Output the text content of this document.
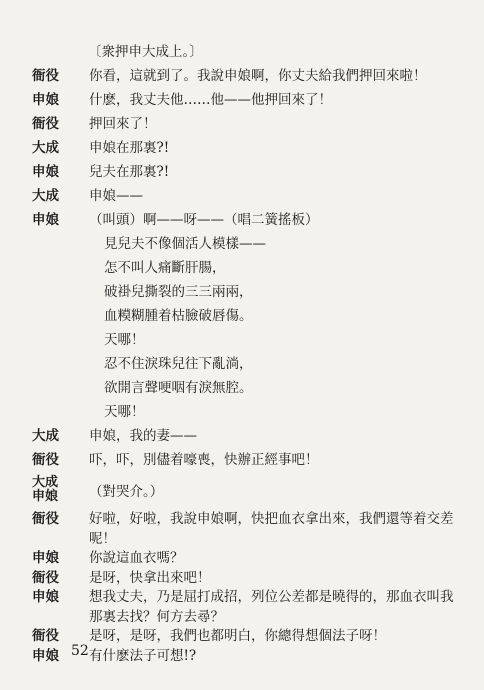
〔衆押申大成上。〕
衙役	你看，這就到了。我說申娘啊，你丈夫給我們押回來啦！
申娘	什麽，我丈夫他……他——他押回來了！
衙役	押回來了！
大成	申娘在那裏?!
申娘	兒夫在那裏?!
大成	申娘——
申娘	（叫頭）啊——呀——（唱二簧搖板）
見兒夫不像個活人模樣——
怎不叫人痛斷肝腸，
破褂兒撕裂的三三兩兩，
血糢糊腫着枯臉破唇傷。
天哪！
忍不住淚珠兒往下亂淌，
欲開言聲哽咽有淚無腔。
天哪！
大成	申娘，我的妻——
衙役	吓，吓，別儘着嚎喪，快辦正經事吧！
大成
申娘	（對哭介。）
衙役	好啦，好啦，我說申娘啊，快把血衣拿出來，我們還等着交差
呢！
申娘	你說這血衣嗎？
衙役	是呀，快拿出來吧！
申娘	想我丈夫，乃是屈打成招，列位公差都是曉得的，那血衣叫我
那裏去找？何方去尋？
衙役	是呀，是呀，我們也都明白，你總得想個法子呀！
申娘	有什麽法子可想!?
52
